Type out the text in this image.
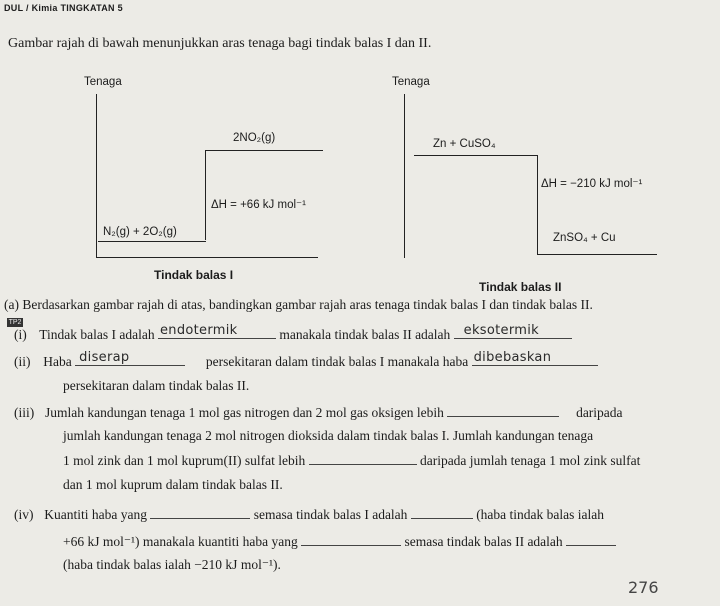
DUL / Kimia TINGKATAN 5
Gambar rajah di bawah menunjukkan aras tenaga bagi tindak balas I dan II.
Tenaga
2NO₂(g)
ΔH = +66 kJ mol⁻¹
N₂(g) + 2O₂(g)
Tenaga
Zn + CuSO₄
ΔH = −210 kJ mol⁻¹
ZnSO₄ + Cu
Tindak balas I
Tindak balas II
(a) Berdasarkan gambar rajah di atas, bandingkan gambar rajah aras tenaga tindak balas I dan tindak balas II.
TP2
(i) Tindak balas I adalah endotermik	manakala tindak balas II adalah eksotermik
(ii) Haba diserap	persekitaran dalam tindak balas I manakala haba dibebaskan
persekitaran dalam tindak balas II.
(iii) Jumlah kandungan tenaga 1 mol gas nitrogen dan 2 mol gas oksigen lebih	daripada
jumlah kandungan tenaga 2 mol nitrogen dioksida dalam tindak balas I. Jumlah kandungan tenaga
1 mol zink dan 1 mol kuprum(II) sulfat lebih	daripada jumlah tenaga 1 mol zink sulfat
dan 1 mol kuprum dalam tindak balas II.
(iv) Kuantiti haba yang	semasa tindak balas I adalah	(haba tindak balas ialah
+66 kJ mol⁻¹) manakala kuantiti haba yang	semasa tindak balas II adalah
(haba tindak balas ialah −210 kJ mol⁻¹).
276
